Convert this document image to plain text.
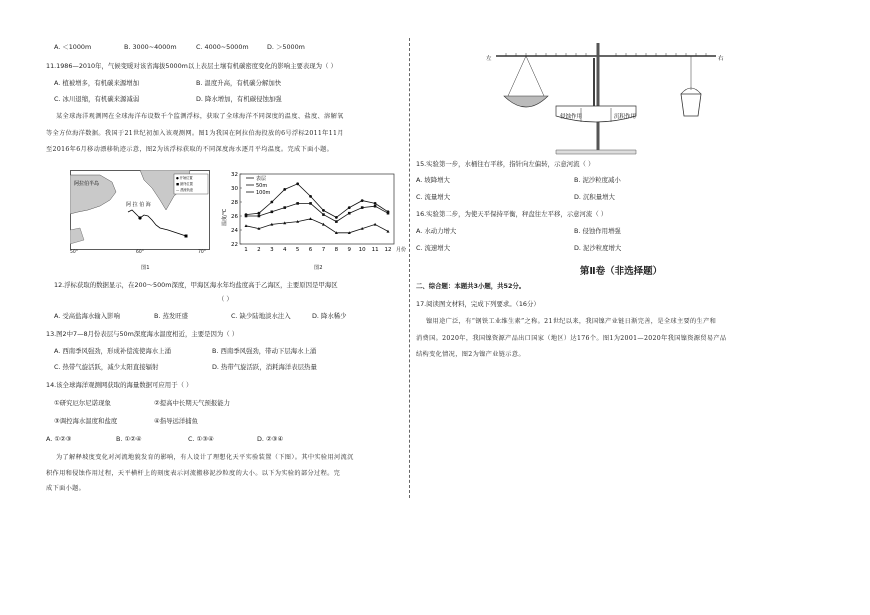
A. ＜1000m	B. 3000~4000m	C. 4000~5000m	D. ＞5000m
11.1986—2010年，气候变暖对该省海拔5000m以上表层土壤有机碳密度变化的影响主要表现为（ ）
A. 植被增多，有机碳来源增加	B. 温度升高，有机碳分解加快
C. 冰川退缩，有机碳来源减弱	D. 降水增加，有机碳侵蚀加强
某全球海洋观测网在全球海洋布设数千个监测浮标，获取了全球海洋不同深度的温度、盐度、溶解氧
等全方位海洋数据。我国于21世纪初加入该观测网。图1为我国在阿拉伯海投放的6号浮标2011年11月
至2016年6月移动漂移轨迹示意，图2为该浮标获取的不同深度海水逐月平均温度。完成下面小题。
● 开始位置
■ 最终位置
— 漂流轨迹
阿拉伯半岛
阿 拉 伯 海
50°	60°	70°
图1
22
24
26
28
30
32
1 2 3 4 5 6 7 8 9 10 11 12 月份
温度/℃
表层
50m
100m
图2
12.浮标获取的数据显示，在200～500m深度，甲海区海水年均盐度高于乙海区，主要原因是甲海区
（ ）
A. 受高盐海水输入影响	B. 蒸发旺盛	C. 缺少陆地淡水注入	D. 降水稀少
13.图2中7—8月份表层与50m深度海水温度相近，主要是因为（ ）
A. 西南季风强劲，形成补偿流使海水上涌	B. 西南季风强劲，带动下层海水上涌
C. 热带气旋活跃，减少太阳直接辐射	D. 热带气旋活跃，消耗海洋表层热量
14.该全球海洋观测网获取的海量数据可应用于（ ）
①研究厄尔尼诺现象	②提高中长期天气预报能力
③调控海水温度和盐度	④指导远洋捕鱼
A. ①②③	B. ①②④	C. ①③④	D. ②③④
为了解释坡度变化对河流地貌发育的影响，有人设计了理想化天平实验装置（下图）。其中实验用河流沉
积作用和侵蚀作用过程，天平横杆上的刻度表示河流搬移泥沙粒度的大小。以下为实验的部分过程。完
成下面小题。
侵蚀作用	沉积作用
左	右
15.实验第一步，水桶往右平移，指针向左偏转，示意河流（ ）
A. 坡降增大	B. 泥沙粒度减小
C. 流量增大	D. 沉积量增大
16.实验第二步，为使天平保持平衡，秤盘往左平移，示意河流（ ）
A. 水动力增大	B. 侵蚀作用增强
C. 流速增大	D. 泥沙粒度增大
第Ⅱ卷（非选择题）
二、综合题：本题共3小题，共52分。
17.阅读图文材料，完成下列要求。（16分）
镍用途广泛，有“钢铁工业维生素”之称。21世纪以来，我国镍产业链日渐完善，是全球主要的生产和
消费国。2020年，我国镍资源产品出口国家（地区）达176个。图1为2001—2020年我国镍资源贸易产品
结构变化情况，图2为镍产业链示意。
